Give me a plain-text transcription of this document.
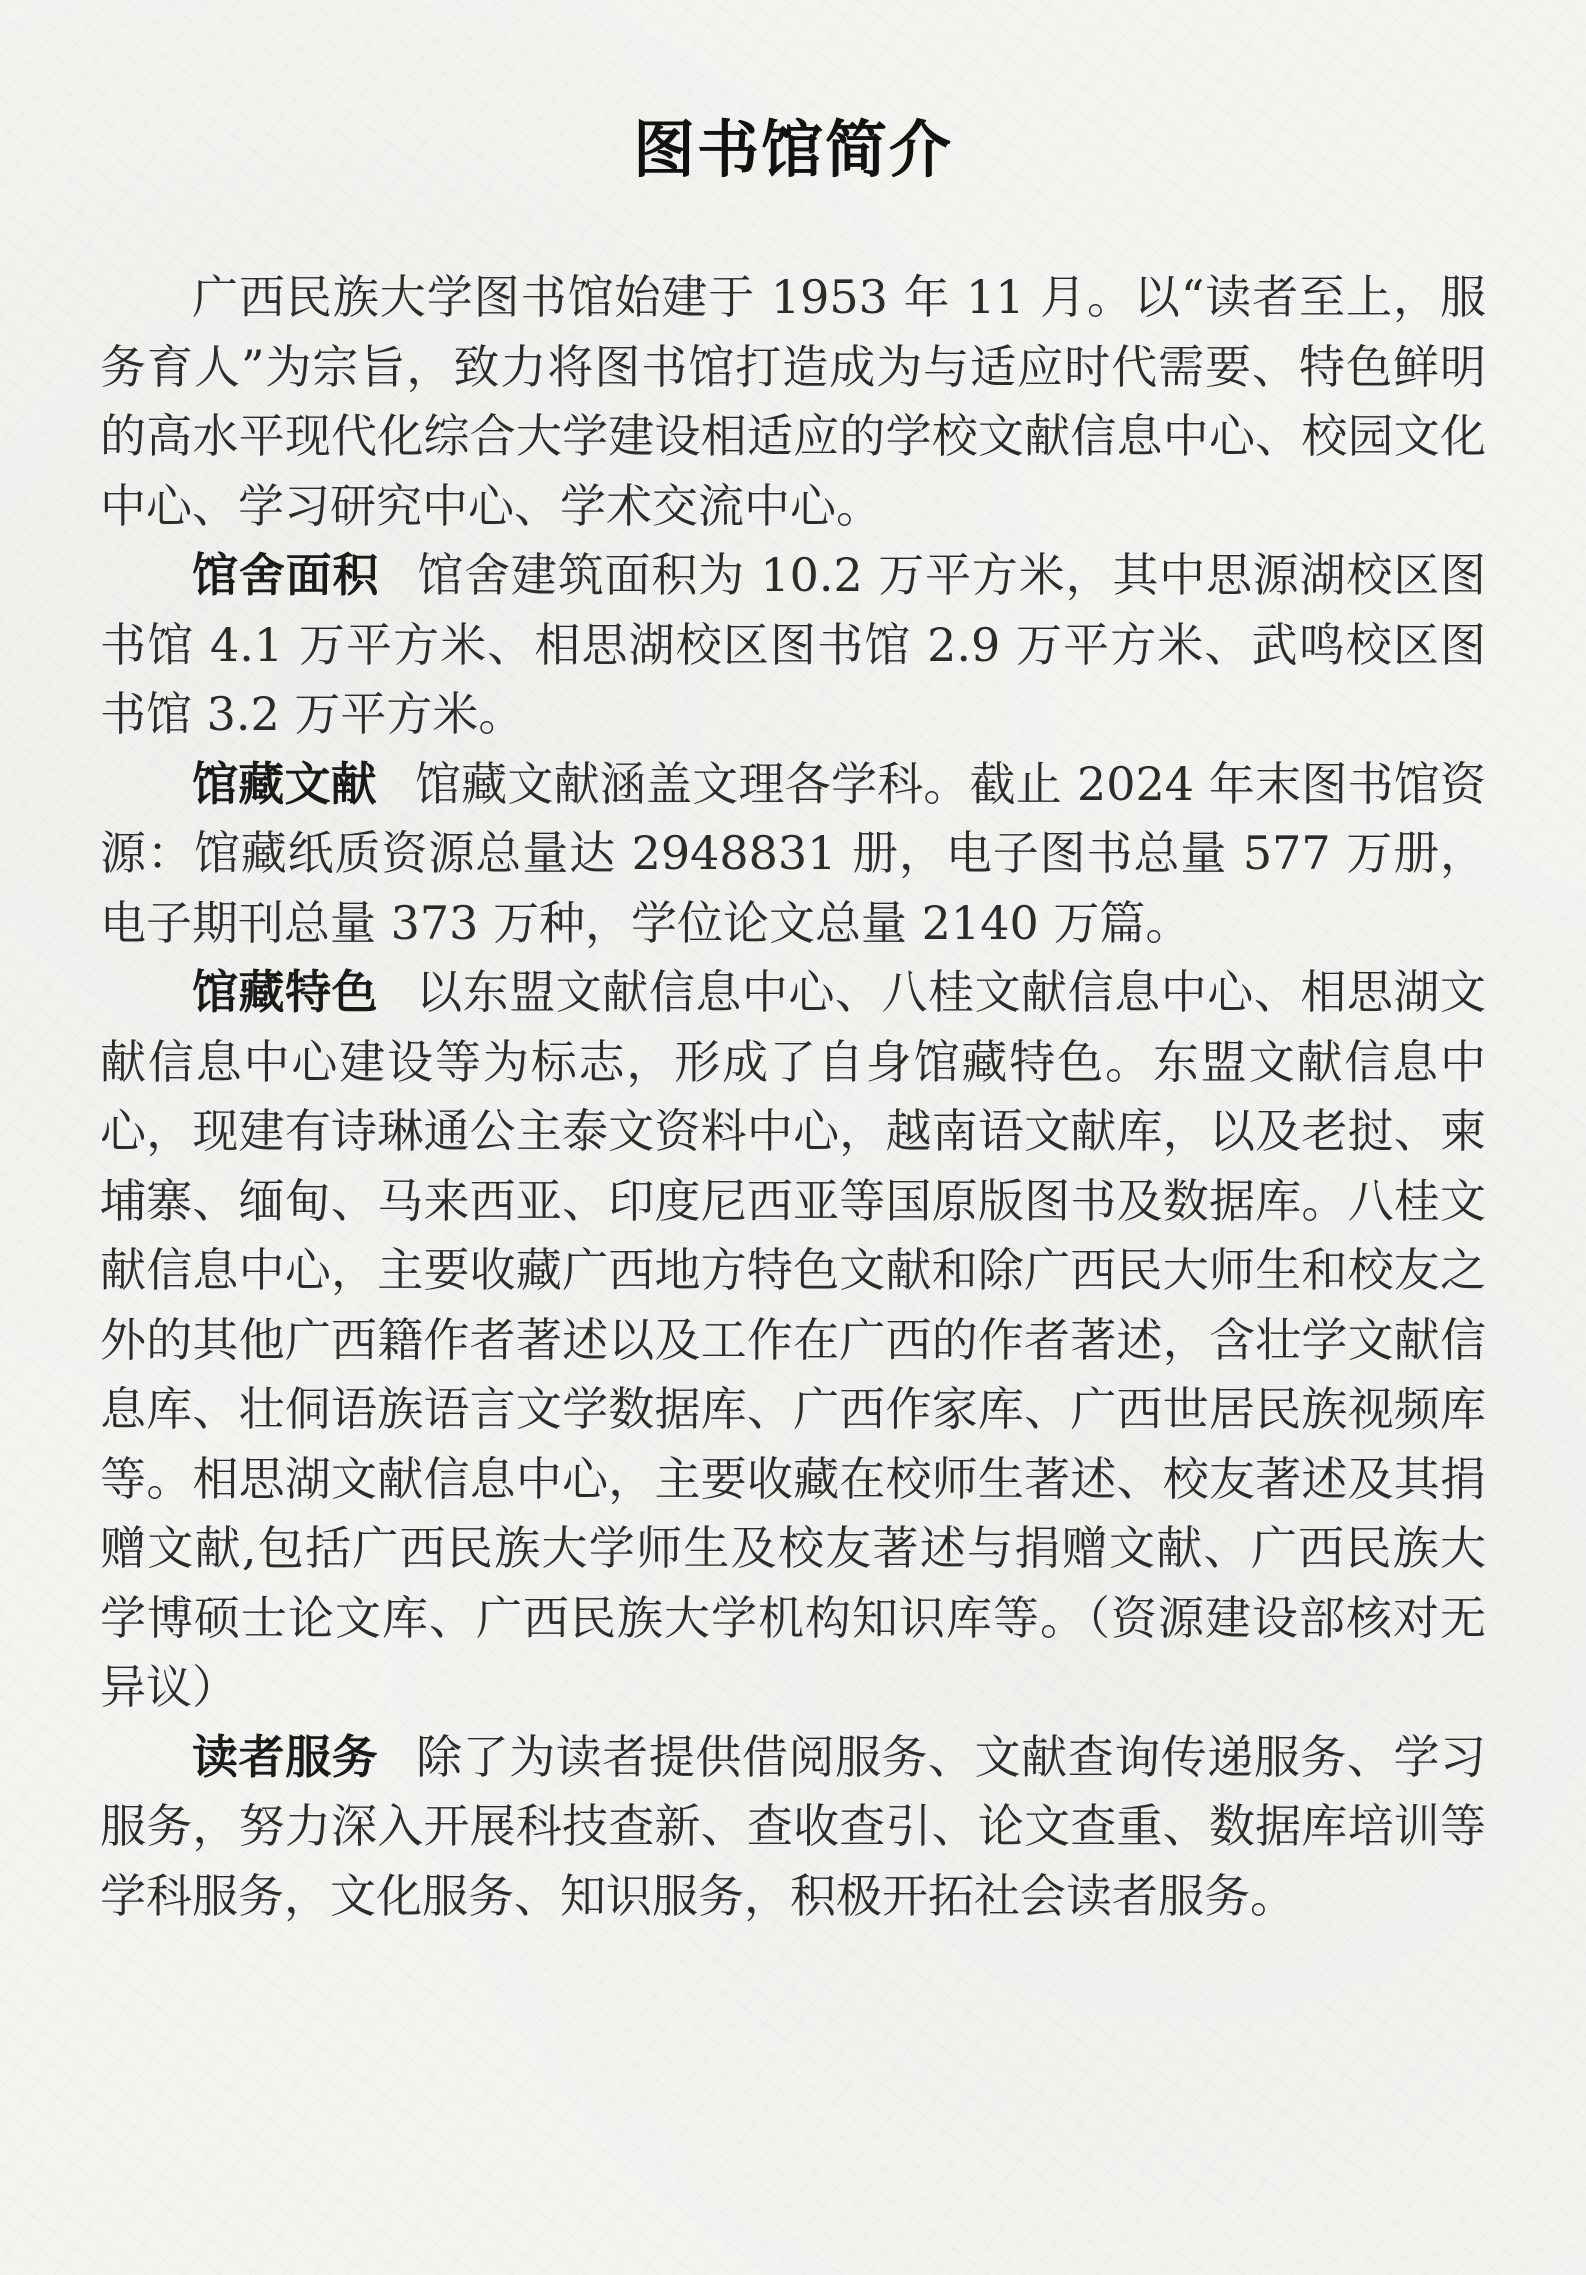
图书馆简介

广西民族大学图书馆始建于 1953 年 11 月。以“读者至上，服务育人”为宗旨，致力将图书馆打造成为与适应时代需要、特色鲜明的高水平现代化综合大学建设相适应的学校文献信息中心、校园文化中心、学习研究中心、学术交流中心。

馆舍面积 馆舍建筑面积为 10.2 万平方米，其中思源湖校区图书馆 4.1 万平方米、相思湖校区图书馆 2.9 万平方米、武鸣校区图书馆 3.2 万平方米。

馆藏文献 馆藏文献涵盖文理各学科。截止 2024 年末图书馆资源：馆藏纸质资源总量达 2948831 册，电子图书总量 577 万册，电子期刊总量 373 万种，学位论文总量 2140 万篇。

馆藏特色 以东盟文献信息中心、八桂文献信息中心、相思湖文献信息中心建设等为标志，形成了自身馆藏特色。东盟文献信息中心，现建有诗琳通公主泰文资料中心，越南语文献库，以及老挝、柬埔寨、缅甸、马来西亚、印度尼西亚等国原版图书及数据库。八桂文献信息中心，主要收藏广西地方特色文献和除广西民大师生和校友之外的其他广西籍作者著述以及工作在广西的作者著述，含壮学文献信息库、壮侗语族语言文学数据库、广西作家库、广西世居民族视频库等。相思湖文献信息中心，主要收藏在校师生著述、校友著述及其捐赠文献,包括广西民族大学师生及校友著述与捐赠文献、广西民族大学博硕士论文库、广西民族大学机构知识库等。（资源建设部核对无异议）

读者服务 除了为读者提供借阅服务、文献查询传递服务、学习服务，努力深入开展科技查新、查收查引、论文查重、数据库培训等学科服务，文化服务、知识服务，积极开拓社会读者服务。
